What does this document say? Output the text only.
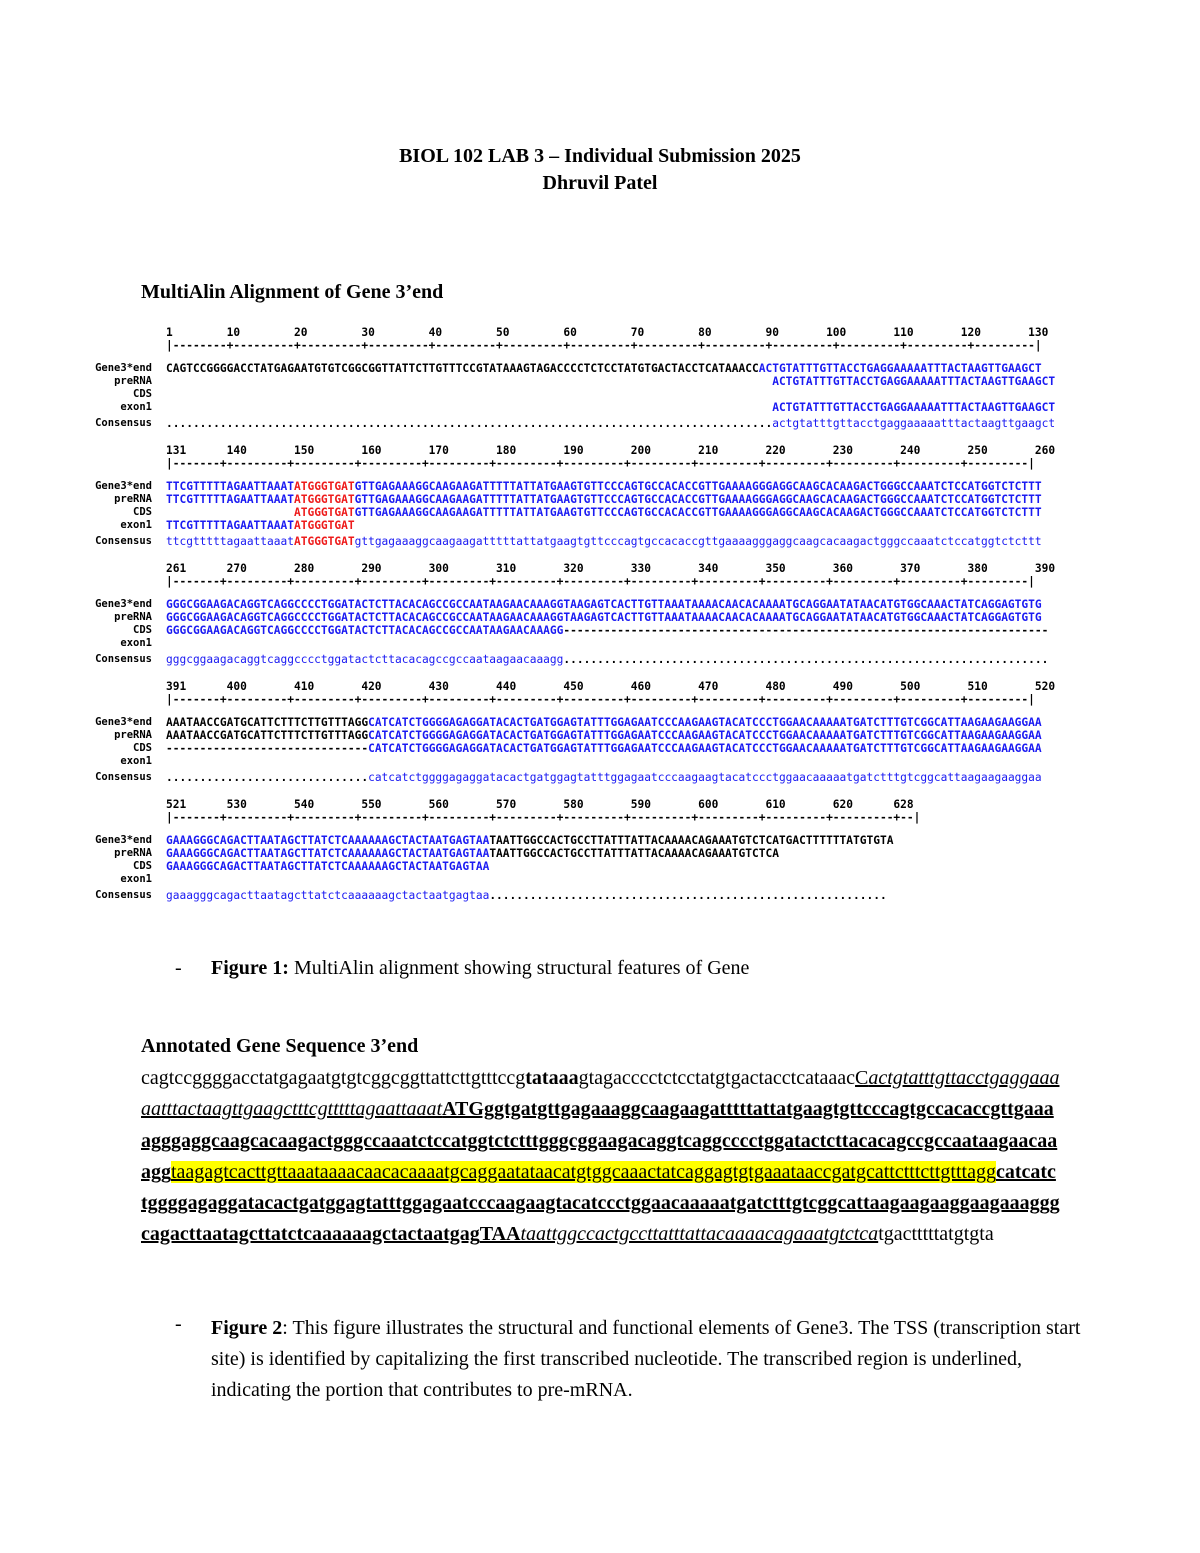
BIOL 102 LAB 3 – Individual Submission 2025
Dhruvil Patel
MultiAlin Alignment of Gene 3’end
1        10        20        30        40        50        60        70        80        90       100       110       120       130
|--------+---------+---------+---------+---------+---------+---------+---------+---------+---------+---------+---------+---------|
Gene3*end CAGTCCGGGGACCTATGAGAATGTGTCGGCGGTTATTCTTGTTTCCGTATAAAGTAGACCCCTCTCCTATGTGACTACCTCATAAACCACTGTATTTGTTACCTGAGGAAAAATTTACTAAGTTGAAGCT
preRNA	ACTGTATTTGTTACCTGAGGAAAAATTTACTAAGTTGAAGCT
CDS
exon1	ACTGTATTTGTTACCTGAGGAAAAATTTACTAAGTTGAAGCT
Consensus ..........................................................................................actgtatttgttacctgaggaaaaatttactaagttgaagct
131      140       150       160       170       180       190       200       210       220       230       240       250       260
|-------+---------+---------+---------+---------+---------+---------+---------+---------+---------+---------+---------+---------|
Gene3*end TTCGTTTTTAGAATTAAATATGGGTGATGTTGAGAAAGGCAAGAAGATTTTTATTATGAAGTGTTCCCAGTGCCACACCGTTGAAAAGGGAGGCAAGCACAAGACTGGGCCAAATCTCCATGGTCTCTTT
preRNA TTCGTTTTTAGAATTAAATATGGGTGATGTTGAGAAAGGCAAGAAGATTTTTATTATGAAGTGTTCCCAGTGCCACACCGTTGAAAAGGGAGGCAAGCACAAGACTGGGCCAAATCTCCATGGTCTCTTT
CDS	ATGGGTGATGTTGAGAAAGGCAAGAAGATTTTTATTATGAAGTGTTCCCAGTGCCACACCGTTGAAAAGGGAGGCAAGCACAAGACTGGGCCAAATCTCCATGGTCTCTTT
exon1 TTCGTTTTTAGAATTAAATATGGGTGAT
Consensus ttcgtttttagaattaaatATGGGTGATgttgagaaaggcaagaagatttttattatgaagtgttcccagtgccacaccgttgaaaagggaggcaagcacaagactgggccaaatctccatggtctcttt
261      270       280       290       300       310       320       330       340       350       360       370       380       390
|-------+---------+---------+---------+---------+---------+---------+---------+---------+---------+---------+---------+---------|
Gene3*end GGGCGGAAGACAGGTCAGGCCCCTGGATACTCTTACACAGCCGCCAATAAGAACAAAGGTAAGAGTCACTTGTTAAATAAAACAACACAAAATGCAGGAATATAACATGTGGCAAACTATCAGGAGTGTG
preRNA GGGCGGAAGACAGGTCAGGCCCCTGGATACTCTTACACAGCCGCCAATAAGAACAAAGGTAAGAGTCACTTGTTAAATAAAACAACACAAAATGCAGGAATATAACATGTGGCAAACTATCAGGAGTGTG
CDS GGGCGGAAGACAGGTCAGGCCCCTGGATACTCTTACACAGCCGCCAATAAGAACAAAGG------------------------------------------------------------------------
exon1
Consensus gggcggaagacaggtcaggcccctggatactcttacacagccgccaataagaacaaagg........................................................................
391      400       410       420       430       440       450       460       470       480       490       500       510       520
|-------+---------+---------+---------+---------+---------+---------+---------+---------+---------+---------+---------+---------|
Gene3*end AAATAACCGATGCATTCTTTCTTGTTTAGGCATCATCTGGGGAGAGGATACACTGATGGAGTATTTGGAGAATCCCAAGAAGTACATCCCTGGAACAAAAATGATCTTTGTCGGCATTAAGAAGAAGGAA
preRNA AAATAACCGATGCATTCTTTCTTGTTTAGGCATCATCTGGGGAGAGGATACACTGATGGAGTATTTGGAGAATCCCAAGAAGTACATCCCTGGAACAAAAATGATCTTTGTCGGCATTAAGAAGAAGGAA
CDS ------------------------------CATCATCTGGGGAGAGGATACACTGATGGAGTATTTGGAGAATCCCAAGAAGTACATCCCTGGAACAAAAATGATCTTTGTCGGCATTAAGAAGAAGGAA
exon1
Consensus ..............................catcatctggggagaggatacactgatggagtatttggagaatcccaagaagtacatccctggaacaaaaatgatctttgtcggcattaagaagaaggaa
521      530       540       550       560       570       580       590       600       610       620      628
|-------+---------+---------+---------+---------+---------+---------+---------+---------+---------+---------+--|
Gene3*end GAAAGGGCAGACTTAATAGCTTATCTCAAAAAAGCTACTAATGAGTAATAATTGGCCACTGCCTTATTTATTACAAAACAGAAATGTCTCATGACTTTTTTATGTGTA
preRNA GAAAGGGCAGACTTAATAGCTTATCTCAAAAAAGCTACTAATGAGTAATAATTGGCCACTGCCTTATTTATTACAAAACAGAAATGTCTCA
CDS GAAAGGGCAGACTTAATAGCTTATCTCAAAAAAGCTACTAATGAGTAA
exon1
Consensus gaaagggcagacttaatagcttatctcaaaaaagctactaatgagtaa...........................................................
- Figure 1: MultiAlin alignment showing structural features of Gene
Annotated Gene Sequence 3’end
cagtccggggacctatgagaatgtgtcggcggttattcttgtttccgtataaagtagacccctctcctatgtgactacctcataaacCactgtatttgttacctgaggaaaaatttactaagttgaagctttcgtttttagaattaaatATGggtgatgttgagaaaggcaagaagatttttattatgaagtgttcccagtgccacaccgttgaaaagggaggcaagcacaagactgggccaaatctccatggtctctttgggcggaagacaggtcaggcccctggatactcttacacagccgccaataagaacaaaggtaagagtcacttgttaaataaaacaacacaaaatgcaggaatataacatgtggcaaactatcaggagtgtgaaataaccgatgcattctttcttgtttaggcatcatctggggagaggatacactgatggagtatttggagaatcccaagaagtacatccctggaacaaaaatgatctttgtcggcattaagaagaaggaagaaagggcagacttaatagcttatctcaaaaaagctactaatgagTAAtaattggccactgccttatttattacaaaacagaaatgtctcatgactttttatgtgta
- Figure 2: This figure illustrates the structural and functional elements of Gene3. The TSS (transcription start site) is identified by capitalizing the first transcribed nucleotide. The transcribed region is underlined, indicating the portion that contributes to pre-mRNA.
